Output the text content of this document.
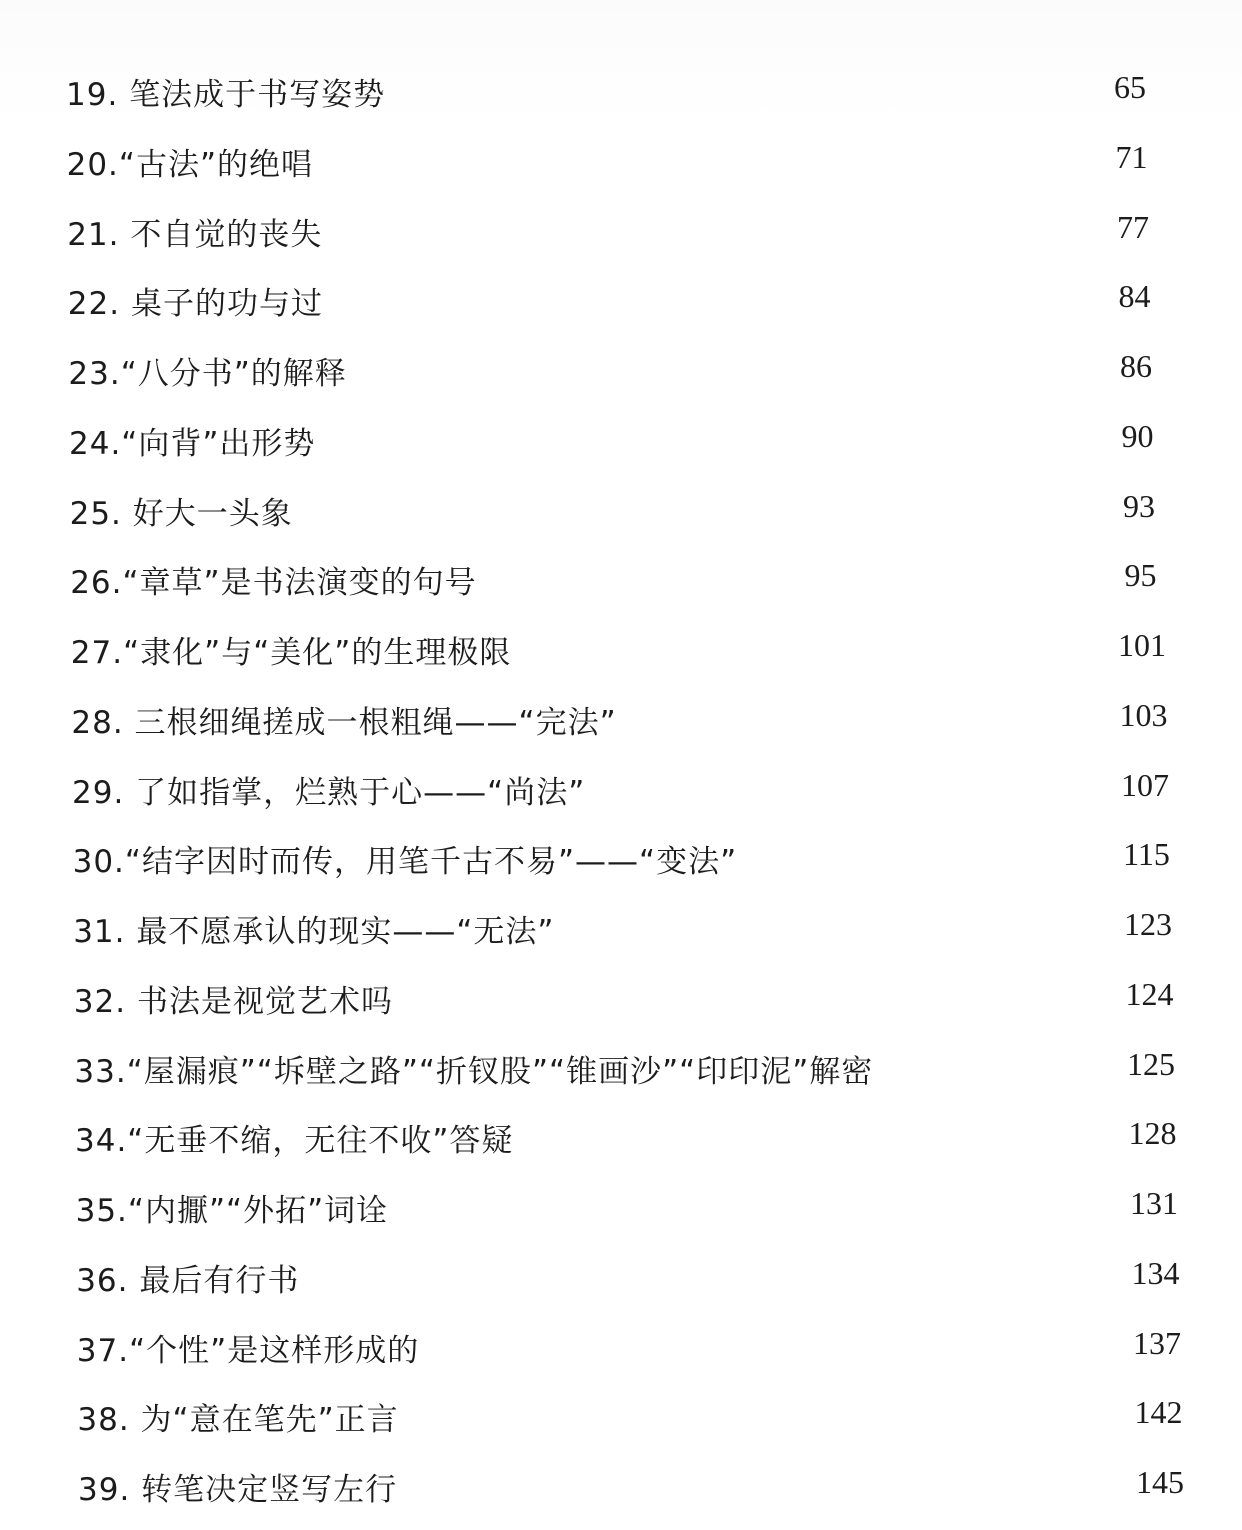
19. 笔法成于书写姿势	65
20.“古法”的绝唱	71
21. 不自觉的丧失	77
22. 桌子的功与过	84
23.“八分书”的解释	86
24.“向背”出形势	90
25. 好大一头象	93
26.“章草”是书法演变的句号	95
27.“隶化”与“美化”的生理极限	101
28. 三根细绳搓成一根粗绳——“完法”	103
29. 了如指掌，烂熟于心——“尚法”	107
30.“结字因时而传，用笔千古不易”——“变法”	115
31. 最不愿承认的现实——“无法”	123
32. 书法是视觉艺术吗	124
33.“屋漏痕”“坼壁之路”“折钗股”“锥画沙”“印印泥”解密	125
34.“无垂不缩，无往不收”答疑	128
35.“内擫”“外拓”词诠	131
36. 最后有行书	134
37.“个性”是这样形成的	137
38. 为“意在笔先”正言	142
39. 转笔决定竖写左行	145
